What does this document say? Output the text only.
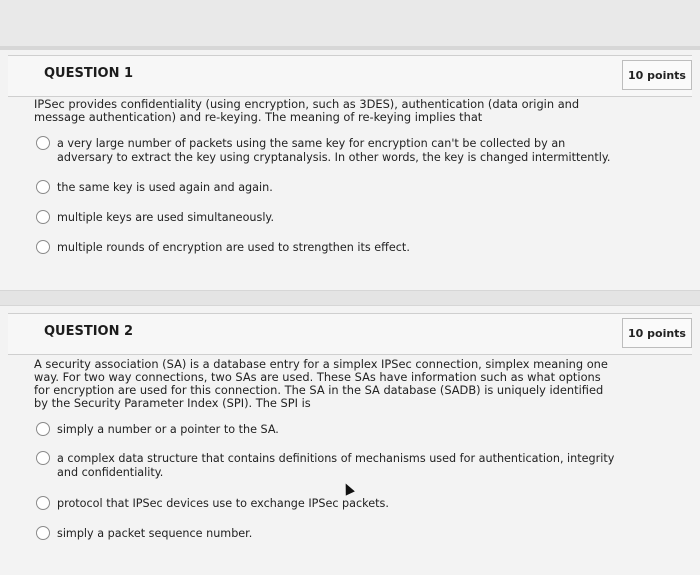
QUESTION 1	10 points
IPSec provides confidentiality (using encryption, such as 3DES), authentication (data origin and message authentication) and re-keying. The meaning of re-keying implies that
a very large number of packets using the same key for encryption can't be collected by an adversary to extract the key using cryptanalysis. In other words, the key is changed intermittently.
the same key is used again and again.
multiple keys are used simultaneously.
multiple rounds of encryption are used to strengthen its effect.
QUESTION 2	10 points
A security association (SA) is a database entry for a simplex IPSec connection, simplex meaning one way. For two way connections, two SAs are used. These SAs have information such as what options for encryption are used for this connection. The SA in the SA database (SADB) is uniquely identified by the Security Parameter Index (SPI). The SPI is
simply a number or a pointer to the SA.
a complex data structure that contains definitions of mechanisms used for authentication, integrity and confidentiality.
protocol that IPSec devices use to exchange IPSec packets.
simply a packet sequence number.
